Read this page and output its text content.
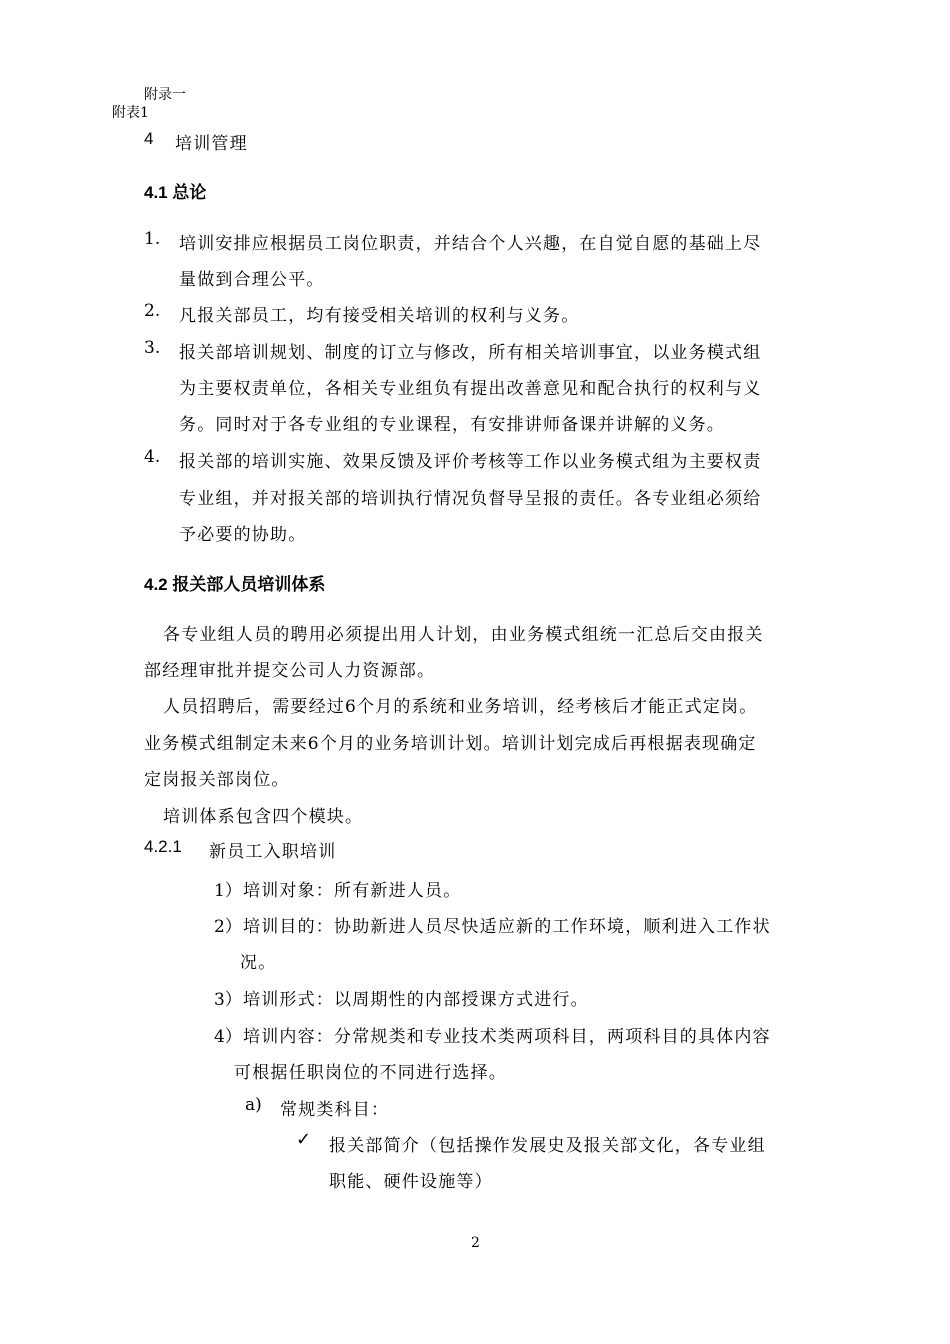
附录一
附表1
4 培训管理
4.1 总论
1. 培训安排应根据员工岗位职责，并结合个人兴趣，在自觉自愿的基础上尽
量做到合理公平。
2. 凡报关部员工，均有接受相关培训的权利与义务。
3. 报关部培训规划、制度的订立与修改，所有相关培训事宜，以业务模式组
为主要权责单位，各相关专业组负有提出改善意见和配合执行的权利与义
务。同时对于各专业组的专业课程，有安排讲师备课并讲解的义务。
4. 报关部的培训实施、效果反馈及评价考核等工作以业务模式组为主要权责
专业组，并对报关部的培训执行情况负督导呈报的责任。各专业组必须给
予必要的协助。
4.2 报关部人员培训体系
各专业组人员的聘用必须提出用人计划，由业务模式组统一汇总后交由报关
部经理审批并提交公司人力资源部。
人员招聘后，需要经过6个月的系统和业务培训，经考核后才能正式定岗。
业务模式组制定未来6个月的业务培训计划。培训计划完成后再根据表现确定
定岗报关部岗位。
培训体系包含四个模块。
4.2.1 新员工入职培训
1） 培训对象：所有新进人员。
2） 培训目的：协助新进人员尽快适应新的工作环境，顺利进入工作状
况。
3） 培训形式：以周期性的内部授课方式进行。
4） 培训内容：分常规类和专业技术类两项科目，两项科目的具体内容
可根据任职岗位的不同进行选择。
a) 常规类科目：
✓ 报关部简介（包括操作发展史及报关部文化，各专业组
职能、硬件设施等）
2
